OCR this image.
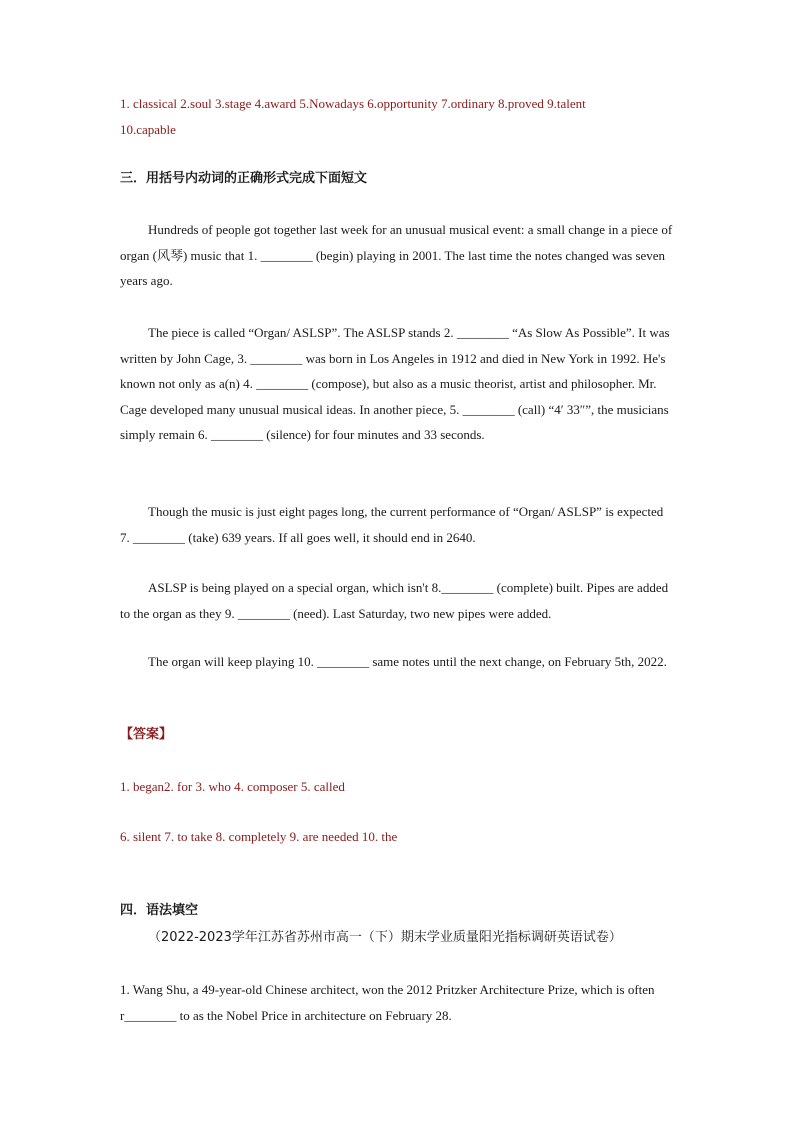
1. classical 2.soul 3.stage 4.award 5.Nowadays 6.opportunity 7.ordinary 8.proved 9.talent
10.capable
三．用括号内动词的正确形式完成下面短文
Hundreds of people got together last week for an unusual musical event: a small change in a piece of organ (风琴) music that 1. ________ (begin) playing in 2001. The last time the notes changed was seven years ago.
The piece is called “Organ/ ASLSP”. The ASLSP stands 2. ________ “As Slow As Possible”. It was written by John Cage, 3. ________ was born in Los Angeles in 1912 and died in New York in 1992. He's known not only as a(n) 4. ________ (compose), but also as a music theorist, artist and philosopher. Mr. Cage developed many unusual musical ideas. In another piece, 5. ________ (call) “4′ 33″”, the musicians simply remain 6. ________ (silence) for four minutes and 33 seconds.
Though the music is just eight pages long, the current performance of “Organ/ ASLSP” is expected 7. ________ (take) 639 years. If all goes well, it should end in 2640.
ASLSP is being played on a special organ, which isn't 8.________ (complete) built. Pipes are added to the organ as they 9. ________ (need). Last Saturday, two new pipes were added.
The organ will keep playing 10. ________ same notes until the next change, on February 5th, 2022.
【答案】
1. began2. for 3. who 4. composer 5. called
6. silent 7. to take 8. completely 9. are needed 10. the
四．语法填空
（2022-2023学年江苏省苏州市高一（下）期末学业质量阳光指标调研英语试卷）
1. Wang Shu, a 49-year-old Chinese architect, won the 2012 Pritzker Architecture Prize, which is often r________ to as the Nobel Price in architecture on February 28.
